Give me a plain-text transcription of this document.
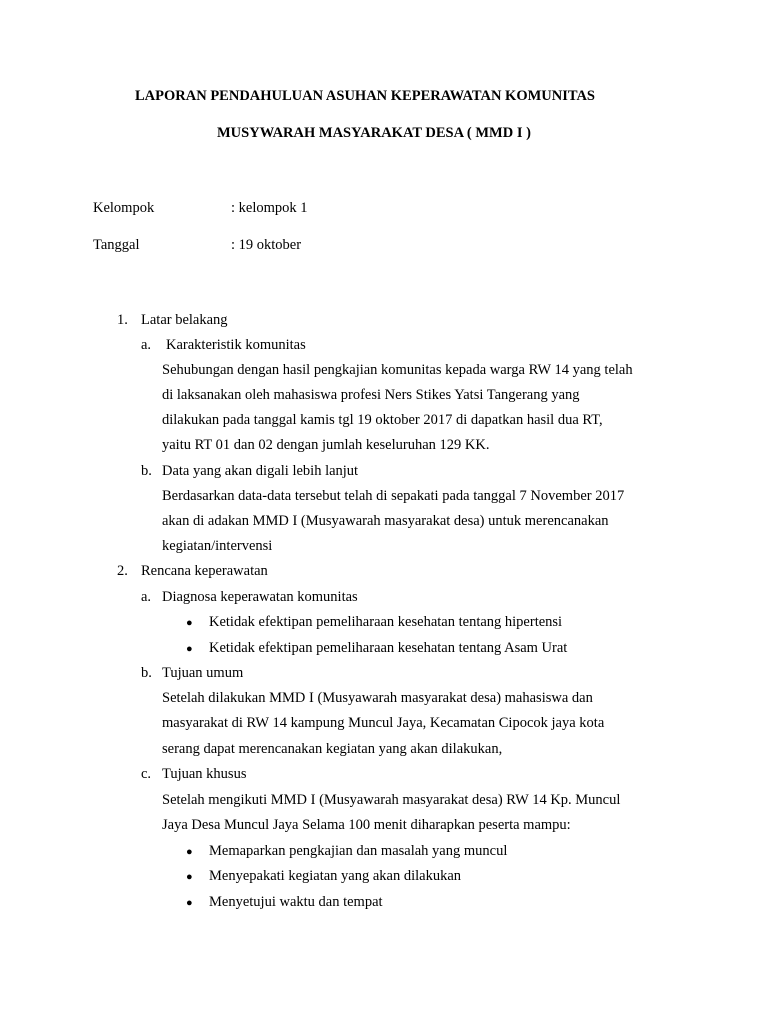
LAPORAN PENDAHULUAN ASUHAN KEPERAWATAN KOMUNITAS
MUSYWARAH MASYARAKAT DESA ( MMD I )
Kelompok	: kelompok 1
Tanggal	: 19 oktober
1. Latar belakang
a. Karakteristik komunitas
Sehubungan dengan hasil pengkajian komunitas kepada warga RW 14 yang telah
di laksanakan oleh mahasiswa profesi Ners Stikes Yatsi Tangerang yang
dilakukan pada tanggal kamis tgl 19 oktober 2017 di dapatkan hasil dua RT,
yaitu RT 01 dan 02 dengan jumlah keseluruhan 129 KK.
b. Data yang akan digali lebih lanjut
Berdasarkan data-data tersebut telah di sepakati pada tanggal 7 November 2017
akan di adakan MMD I (Musyawarah masyarakat desa) untuk merencanakan
kegiatan/intervensi
2. Rencana keperawatan
a. Diagnosa keperawatan komunitas
● Ketidak efektipan pemeliharaan kesehatan tentang hipertensi
● Ketidak efektipan pemeliharaan kesehatan tentang Asam Urat
b. Tujuan umum
Setelah dilakukan MMD I (Musyawarah masyarakat desa) mahasiswa dan
masyarakat di RW 14 kampung Muncul Jaya, Kecamatan Cipocok jaya kota
serang dapat merencanakan kegiatan yang akan dilakukan,
c. Tujuan khusus
Setelah mengikuti MMD I (Musyawarah masyarakat desa) RW 14 Kp. Muncul
Jaya Desa Muncul Jaya Selama 100 menit diharapkan peserta mampu:
● Memaparkan pengkajian dan masalah yang muncul
● Menyepakati kegiatan yang akan dilakukan
● Menyetujui waktu dan tempat
